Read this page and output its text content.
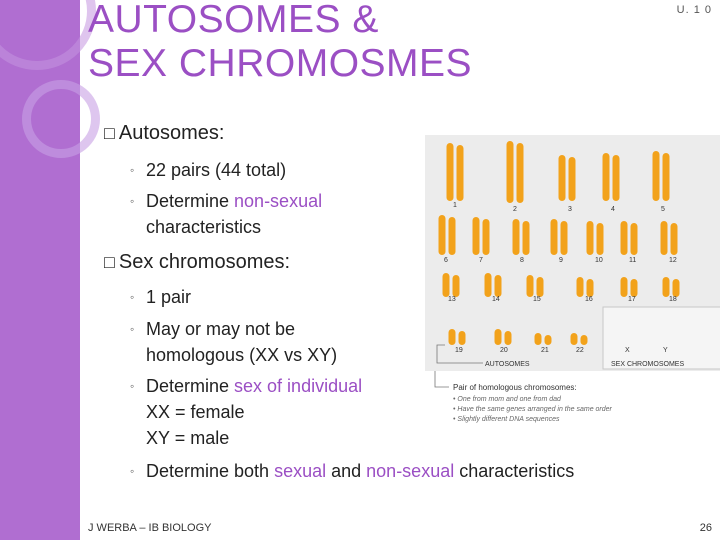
AUTOSOMES &
SEX CHROMOSMES
U. 1 0
□ Autosomes:
◦ 22 pairs (44 total)
◦ Determine non-sexual
characteristics
□ Sex chromosomes:
◦ 1 pair
◦ May or may not be
homologous (XX vs XY)
◦ Determine sex of individual
XX = female
XY = male
◦ Determine both sexual and non-sexual characteristics
1
2	3	4	5
6	7	8	9	10	11	12
13	14	15	16	17	18
19	20	21	22
AUTOSOMES
X	Y
SEX CHROMOSOMES
Pair of homologous chromosomes:
• One from mom and one from dad
• Have the same genes arranged in the same order
• Slightly different DNA sequences
J WERBA – IB BIOLOGY	26
